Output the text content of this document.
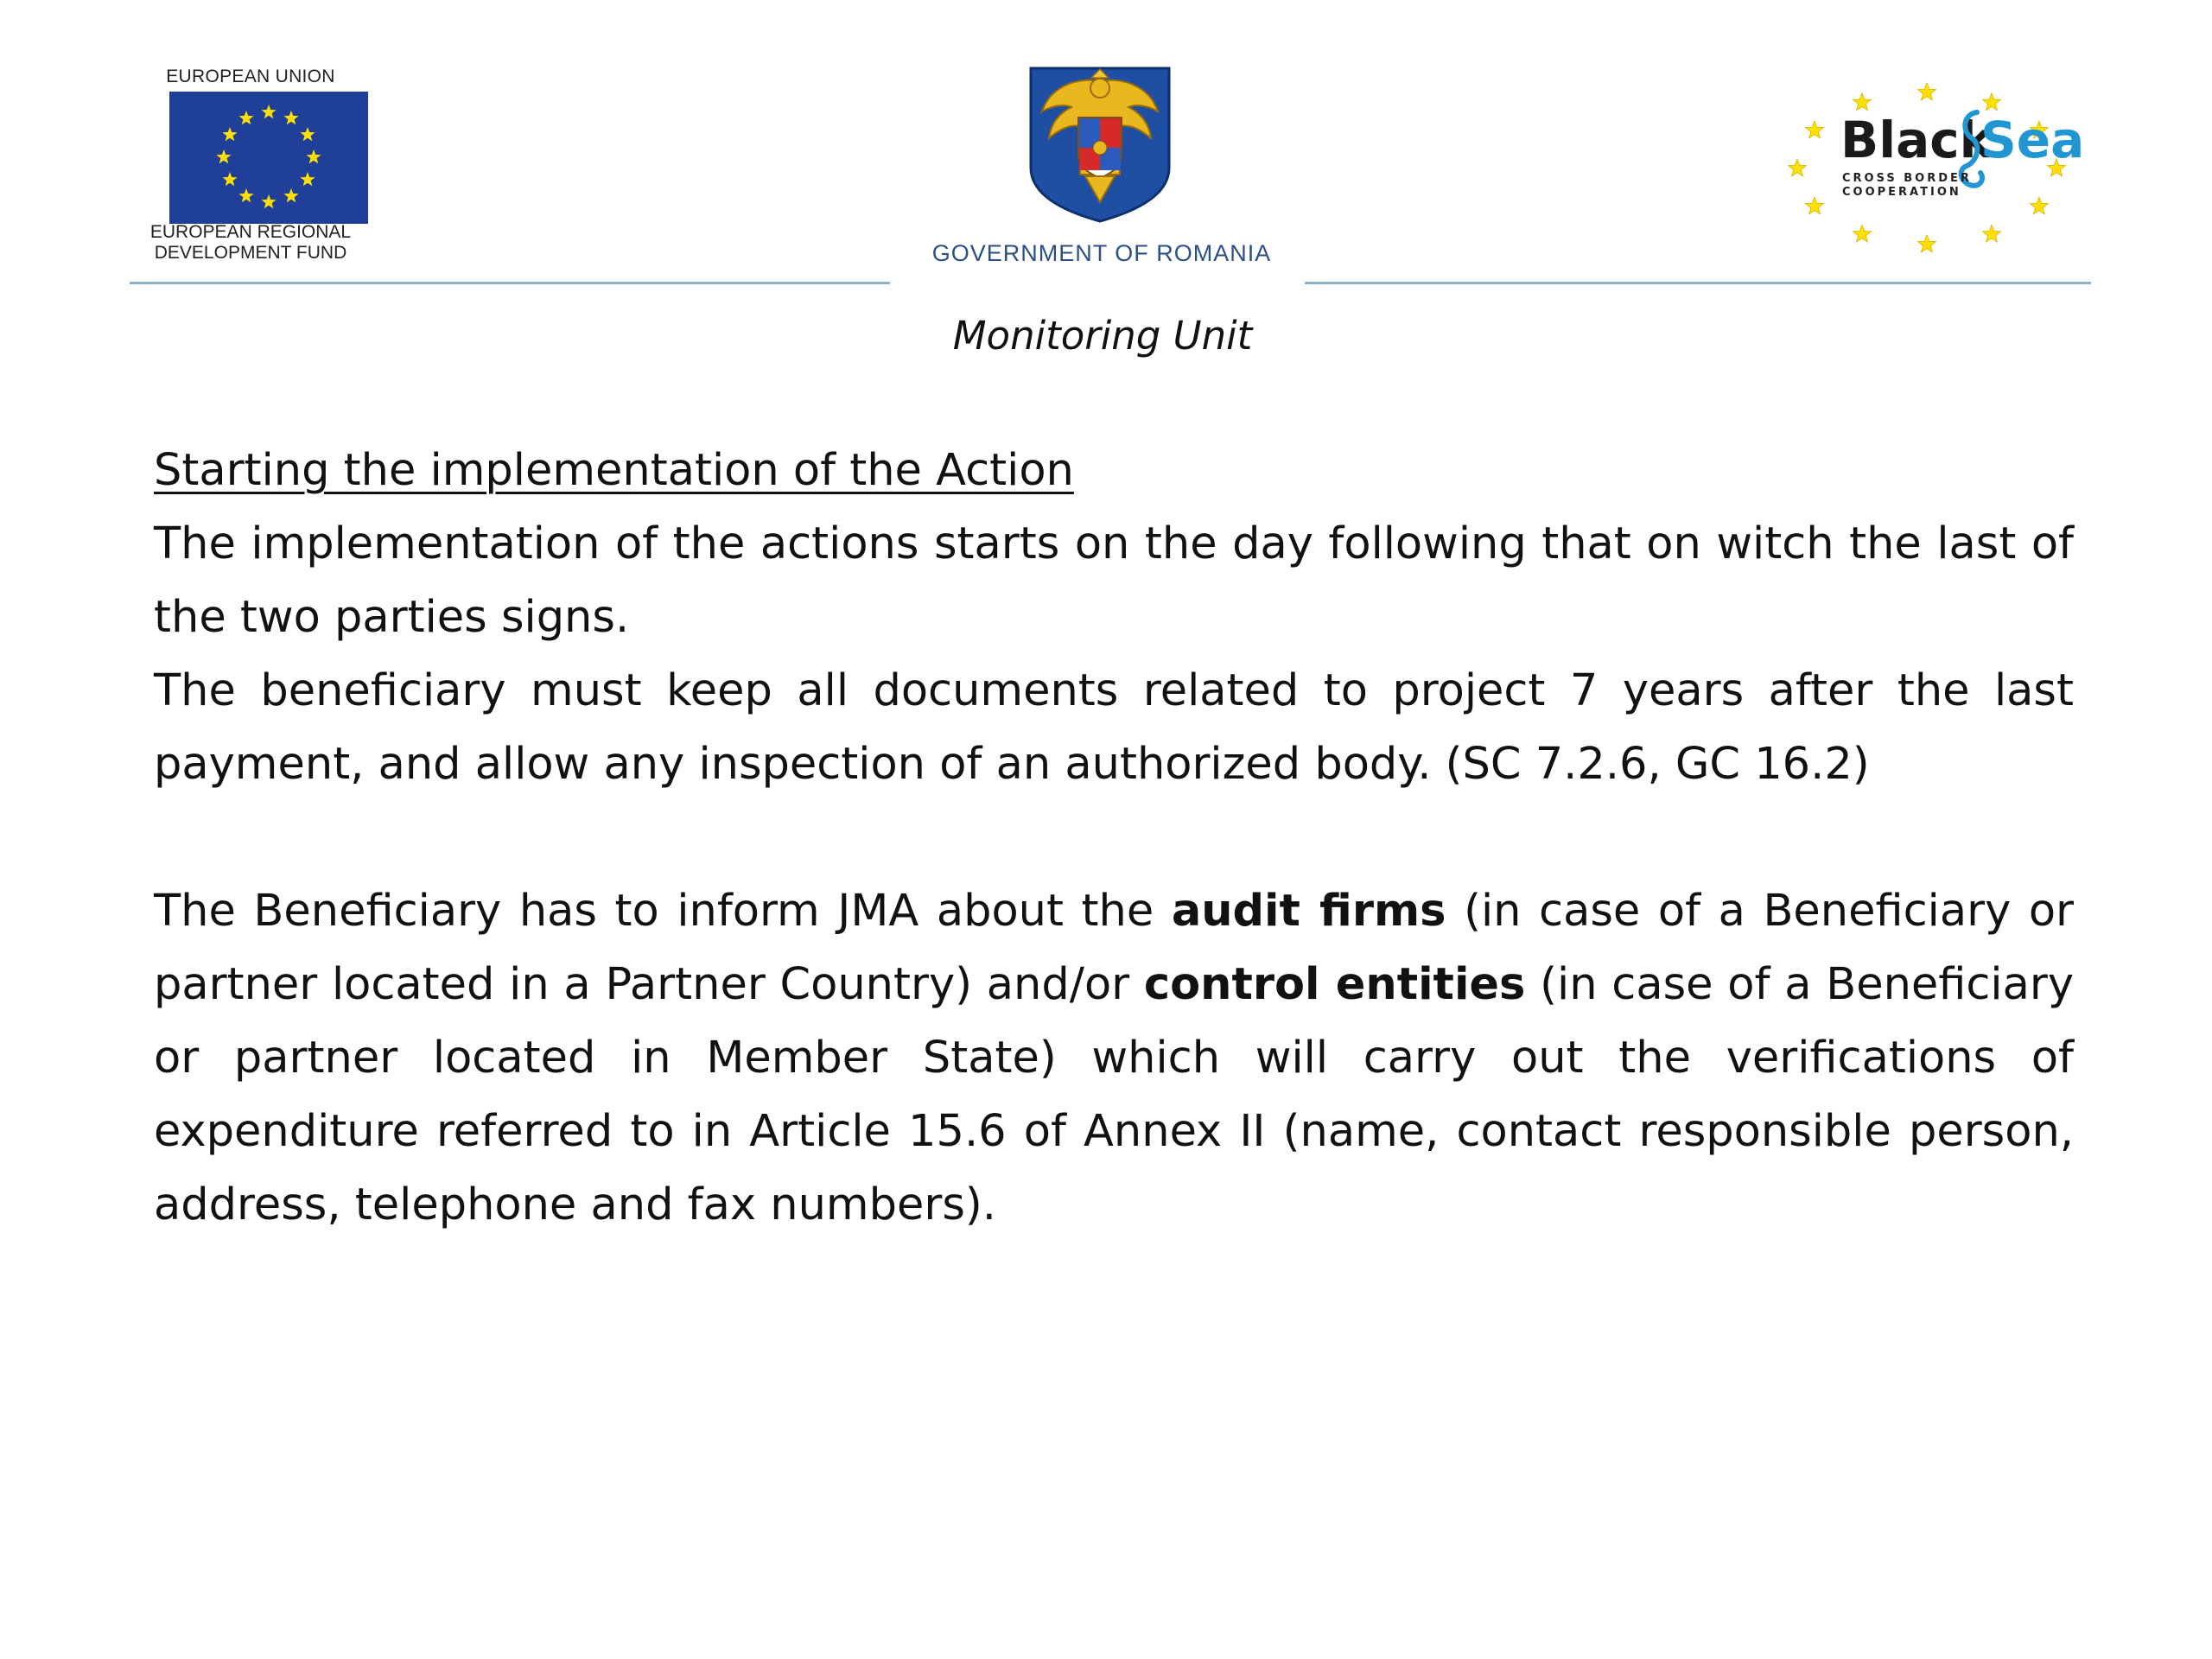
EUROPEAN UNION
EUROPEAN REGIONAL
DEVELOPMENT FUND	GOVERNMENT OF ROMANIA
Black
Sea
CROSS BORDER
COOPERATION
Monitoring Unit
Starting the implementation of the Action

The implementation of the actions starts on the day following that on witch the last of the two parties signs.

The beneficiary must keep all documents related to project 7 years after the last payment, and allow any inspection of an authorized body. (SC 7.2.6, GC 16.2)

The Beneficiary has to inform JMA about the audit firms (in case of a Beneficiary or partner located in a Partner Country) and/or control entities (in case of a Beneficiary or partner located in Member State) which will carry out the verifications of expenditure referred to in Article 15.6 of Annex II (name, contact responsible person, address, telephone and fax numbers).
